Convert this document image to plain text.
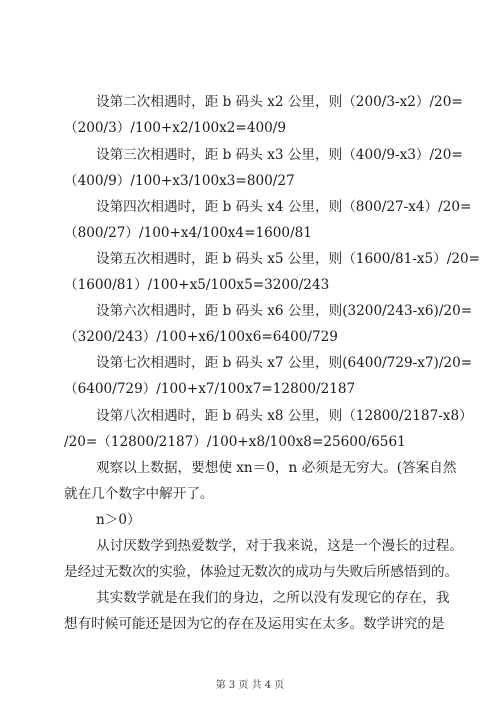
设第二次相遇时，距 b 码头 x2 公里，则（200/3-x2）/20=
（200/3）/100+x2/100x2=400/9
设第三次相遇时，距 b 码头 x3 公里，则（400/9-x3）/20=
（400/9）/100+x3/100x3=800/27
设第四次相遇时，距 b 码头 x4 公里，则（800/27-x4）/20=
（800/27）/100+x4/100x4=1600/81
设第五次相遇时，距 b 码头 x5 公里，则（1600/81-x5）/20=
（1600/81）/100+x5/100x5=3200/243
设第六次相遇时，距 b 码头 x6 公里，则(3200/243-x6)/20=
（3200/243）/100+x6/100x6=6400/729
设第七次相遇时，距 b 码头 x7 公里，则(6400/729-x7)/20=
（6400/729）/100+x7/100x7=12800/2187
设第八次相遇时，距 b 码头 x8 公里，则（12800/2187-x8）
/20=（12800/2187）/100+x8/100x8=25600/6561
观察以上数据，要想使 xn＝0，n 必须是无穷大。(答案自然
就在几个数字中解开了。
n＞0）
从讨厌数学到热爱数学，对于我来说，这是一个漫长的过程。
是经过无数次的实验，体验过无数次的成功与失败后所感悟到的。
其实数学就是在我们的身边，之所以没有发现它的存在，我
想有时候可能还是因为它的存在及运用实在太多。数学讲究的是
第 3 页 共 4 页
